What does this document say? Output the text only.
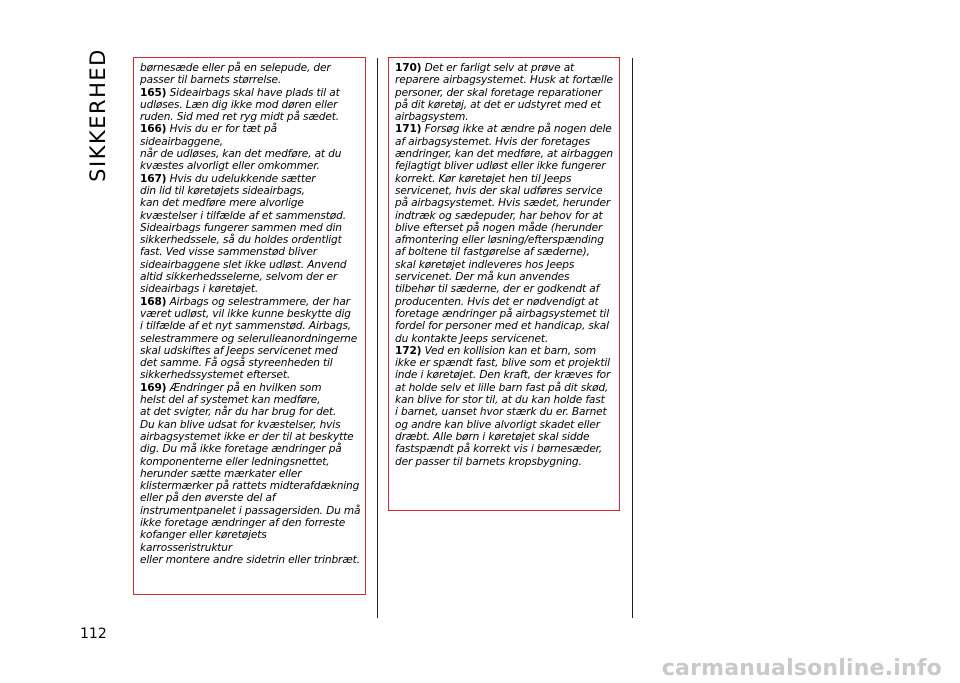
SIKKERHED
112

børnesæde eller på en selepude, der
passer til barnets størrelse.

165) Sideairbags skal have plads til at
udløses. Læn dig ikke mod døren eller
ruden. Sid med ret ryg midt på sædet.

166) Hvis du er for tæt på sideairbaggene,
når de udløses, kan det medføre, at du
kvæstes alvorligt eller omkommer.

167) Hvis du udelukkende sætter
din lid til køretøjets sideairbags,
kan det medføre mere alvorlige
kvæstelser i tilfælde af et sammenstød.
Sideairbags fungerer sammen med din
sikkerhedssele, så du holdes ordentligt
fast. Ved visse sammenstød bliver
sideairbaggene slet ikke udløst. Anvend
altid sikkerhedsselerne, selvom der er
sideairbags i køretøjet.

168) Airbags og selestrammere, der har
været udløst, vil ikke kunne beskytte dig
i tilfælde af et nyt sammenstød. Airbags,
selestrammere og selerulleanordningerne
skal udskiftes af Jeeps servicenet med
det samme. Få også styreenheden til
sikkerhedssystemet efterset.

169) Ændringer på en hvilken som
helst del af systemet kan medføre,
at det svigter, når du har brug for det.
Du kan blive udsat for kvæstelser, hvis
airbagsystemet ikke er der til at beskytte
dig. Du må ikke foretage ændringer på
komponenterne eller ledningsnettet,
herunder sætte mærkater eller
klistermærker på rattets midterafdækning
eller på den øverste del af
instrumentpanelet i passagersiden. Du må
ikke foretage ændringer af den forreste
kofanger eller køretøjets karrosseristruktur
eller montere andre sidetrin eller trinbræt.

170) Det er farligt selv at prøve at
reparere airbagsystemet. Husk at fortælle
personer, der skal foretage reparationer
på dit køretøj, at det er udstyret med et
airbagsystem.

171) Forsøg ikke at ændre på nogen dele
af airbagsystemet. Hvis der foretages
ændringer, kan det medføre, at airbaggen
fejlagtigt bliver udløst eller ikke fungerer
korrekt. Kør køretøjet hen til Jeeps
servicenet, hvis der skal udføres service
på airbagsystemet. Hvis sædet, herunder
indtræk og sædepuder, har behov for at
blive efterset på nogen måde (herunder
afmontering eller løsning/efterspænding
af boltene til fastgørelse af sæderne),
skal køretøjet indleveres hos Jeeps
servicenet. Der må kun anvendes
tilbehør til sæderne, der er godkendt af
producenten. Hvis det er nødvendigt at
foretage ændringer på airbagsystemet til
fordel for personer med et handicap, skal
du kontakte Jeeps servicenet.

172) Ved en kollision kan et barn, som
ikke er spændt fast, blive som et projektil
inde i køretøjet. Den kraft, der kræves for
at holde selv et lille barn fast på dit skød,
kan blive for stor til, at du kan holde fast
i barnet, uanset hvor stærk du er. Barnet
og andre kan blive alvorligt skadet eller
dræbt. Alle børn i køretøjet skal sidde
fastspændt på korrekt vis i børnesæder,
der passer til barnets kropsbygning.

carmanualsonline.info
